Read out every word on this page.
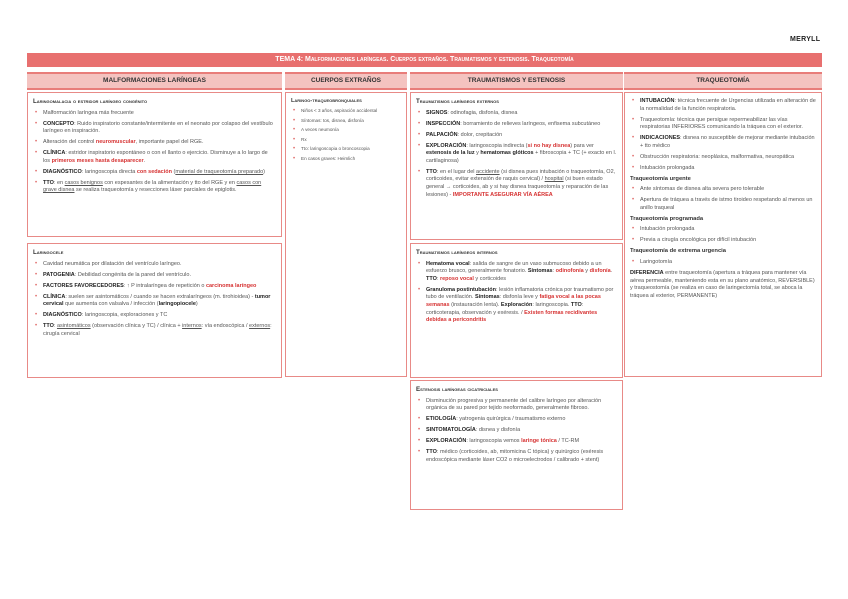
MERYLL
TEMA 4: Malformaciones laríngeas. Cuerpos extraños. Traumatismos y estenosis. Traqueotomía
MALFORMACIONES LARÍNGEAS	CUERPOS EXTRAÑOS	TRAUMATISMOS Y ESTENOSIS	TRAQUEOTOMÍA
Laringomalacia o estridor laríngeo congénito
• Malformación laríngea más frecuente
• CONCEPTO: Ruido inspiratorio constante/intermitente en el neonato por colapso del vestíbulo laríngeo en inspiración.
• Alteración del control neuromuscular, importante papel del RGE.
• CLÍNICA: estridor inspiratorio espontáneo o con el llanto o ejercicio. Disminuye a lo largo de los primeros meses hasta desaparecer.
• DIAGNÓSTICO: laringoscopia directa con sedación (material de traqueotomía preparado)
• TTO: en casos benignos con espesantes de la alimentación y tto del RGE y en casos con grave disnea se realiza traqueotomía y resecciones láser parciales de epiglotis.
Laringocele
• Cavidad neumática por dilatación del ventrículo laríngeo.
• PATOGENIA: Debilidad congénita de la pared del ventrículo.
• FACTORES FAVORECEDORES: ↑ P intralaríngea de repetición o carcinoma laríngeo
• CLÍNICA: suelen ser asintomáticos / cuando se hacen extralaríngeos (m. tirohioidea) - tumor cervical que aumenta con valsalva / infección (laringopiocele)
• DIAGNÓSTICO: laringoscopia, exploraciones y TC
• TTO: asintomáticos (observación clínica y TC) / clínica + internos: vía endoscópica / externos: cirugía cervical
Laringo-traqueobronquiales
• Niños < 3 años, aspiración accidental
• Síntomas: tos, disnea, disfonía
• A veces neumonía
• Rx
• Tto: laringoscopia o broncoscopia
• En casos graves: Heimlich
Traumatismos laríngeos externos
• SIGNOS: odinofagia, disfonía, disnea
• INSPECCIÓN: borramiento de relieves laríngeos, enfisema subcutáneo
• PALPACIÓN: dolor, crepitación
• EXPLORACIÓN: laringoscopia indirecta (si no hay disnea) para ver estenosis de la luz y hematomas glóticos + fibroscopia + TC (+ exacto en l. cartilaginosa)
• TTO: en el lugar del accidente (si disnea pues intubación o traqueotomía, O2, corticoides, evitar extensión de raquis cervical) / hospital (si buen estado general → corticoides, ab y si hay disnea traqueotomía y reparación de las lesiones) - IMPORTANTE ASEGURAR VÍA AÉREA
Traumatismos laríngeos internos
• Hematoma vocal: salida de sangre de un vaso submucoso debido a un esfuerzo brusco, generalmente fonatorio. Síntomas: odinofonía y disfonía. TTO: reposo vocal y corticoides
• Granuloma postintubación: lesión inflamatoria crónica por traumatismo por tubo de ventilación. Síntomas: disfonía leve y fatiga vocal a las pocas semanas (instauración lenta). Exploración: laringoscopia. TTO: corticoterapia, observación y exéresis. / Existen formas recidivantes debidas a pericondritis
Estenosis laríngeas cicatriciales
• Disminución progresiva y permanente del calibre laríngeo por alteración orgánica de su pared por tejido neoformado, generalmente fibroso.
• ETIOLOGÍA: yatrogenia quirúrgica / traumatismo externo
• SINTOMATOLOGÍA: disnea y disfonía
• EXPLORACIÓN: laringoscopia vemos laringe tónica / TC-RM
• TTO: médico (corticoides, ab, mitomicina C tópica) y quirúrgico (exéresis endoscópica mediante láser CO2 o microelectrodos / calibrado + stent)
• INTUBACIÓN: técnica frecuente de Urgencias utilizada en alteración de la normalidad de la función respiratoria.
• Traqueotomía: técnica que persigue repermeabilizar las vías respiratorias INFERIORES comunicando la tráquea con el exterior.
• INDICACIONES: disnea no susceptible de mejorar mediante intubación + tto médico
• Obstrucción respiratoria: neoplásica, malformativa, neuropática
• Intubación prolongada
Traqueotomía urgente
• Ante síntomas de disnea alta severa pero tolerable
• Apertura de tráquea a través de istmo tiroideo respetando al menos un anillo traqueal
Traqueotomía programada
• Intubación prolongada
• Previa a cirugía oncológica por difícil intubación
Traqueotomía de extrema urgencia
• Laringotomía

DIFERENCIA entre traqueotomía (apertura a tráquea para mantener vía aérea permeable, manteniendo esta en su plano anatómico, REVERSIBLE) y traqueostomía (se realiza en caso de laringectomía total, se aboca la tráquea al exterior, PERMANENTE)
